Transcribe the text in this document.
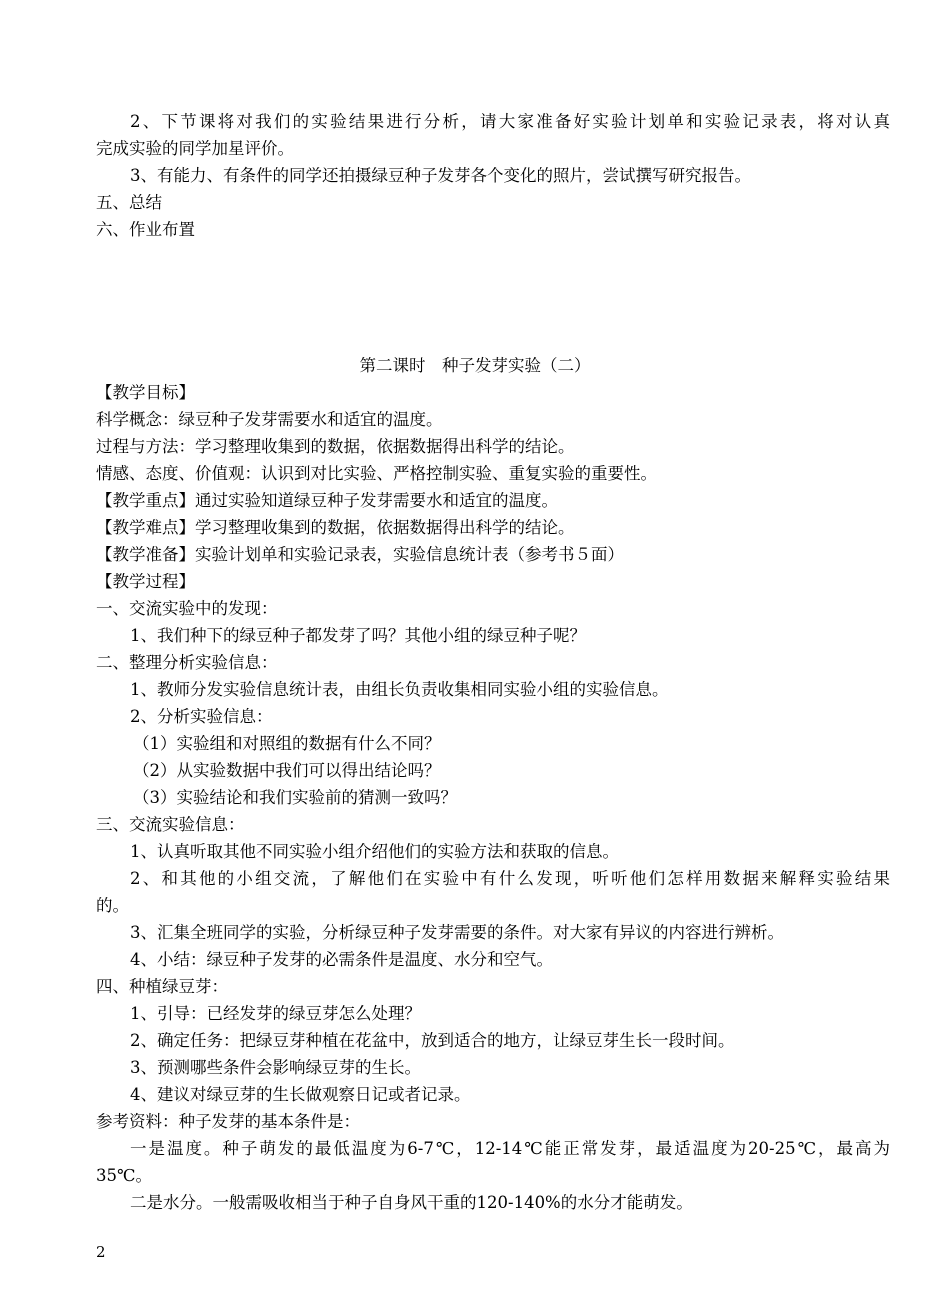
2、下节课将对我们的实验结果进行分析，请大家准备好实验计划单和实验记录表，将对认真
完成实验的同学加星评价。
3、有能力、有条件的同学还拍摄绿豆种子发芽各个变化的照片，尝试撰写研究报告。
五、总结
六、作业布置
第二课时　种子发芽实验（二）
【教学目标】
科学概念：绿豆种子发芽需要水和适宜的温度。
过程与方法：学习整理收集到的数据，依据数据得出科学的结论。
情感、态度、价值观：认识到对比实验、严格控制实验、重复实验的重要性。
【教学重点】通过实验知道绿豆种子发芽需要水和适宜的温度。
【教学难点】学习整理收集到的数据，依据数据得出科学的结论。
【教学准备】实验计划单和实验记录表，实验信息统计表（参考书５面）
【教学过程】
一、交流实验中的发现：
1、我们种下的绿豆种子都发芽了吗？其他小组的绿豆种子呢？
二、整理分析实验信息：
1、教师分发实验信息统计表，由组长负责收集相同实验小组的实验信息。
2、分析实验信息：
（1）实验组和对照组的数据有什么不同？
（2）从实验数据中我们可以得出结论吗？
（3）实验结论和我们实验前的猜测一致吗？
三、交流实验信息：
1、认真听取其他不同实验小组介绍他们的实验方法和获取的信息。
2、和其他的小组交流，了解他们在实验中有什么发现，听听他们怎样用数据来解释实验结果
的。
3、汇集全班同学的实验，分析绿豆种子发芽需要的条件。对大家有异议的内容进行辨析。
4、小结：绿豆种子发芽的必需条件是温度、水分和空气。
四、种植绿豆芽：
1、引导：已经发芽的绿豆芽怎么处理？
2、确定任务：把绿豆芽种植在花盆中，放到适合的地方，让绿豆芽生长一段时间。
3、预测哪些条件会影响绿豆芽的生长。
4、建议对绿豆芽的生长做观察日记或者记录。
参考资料：种子发芽的基本条件是：
一是温度。种子萌发的最低温度为6-7℃，12-14℃能正常发芽，最适温度为20-25℃，最高为
35℃。
二是水分。一般需吸收相当于种子自身风干重的120-140%的水分才能萌发。
2
